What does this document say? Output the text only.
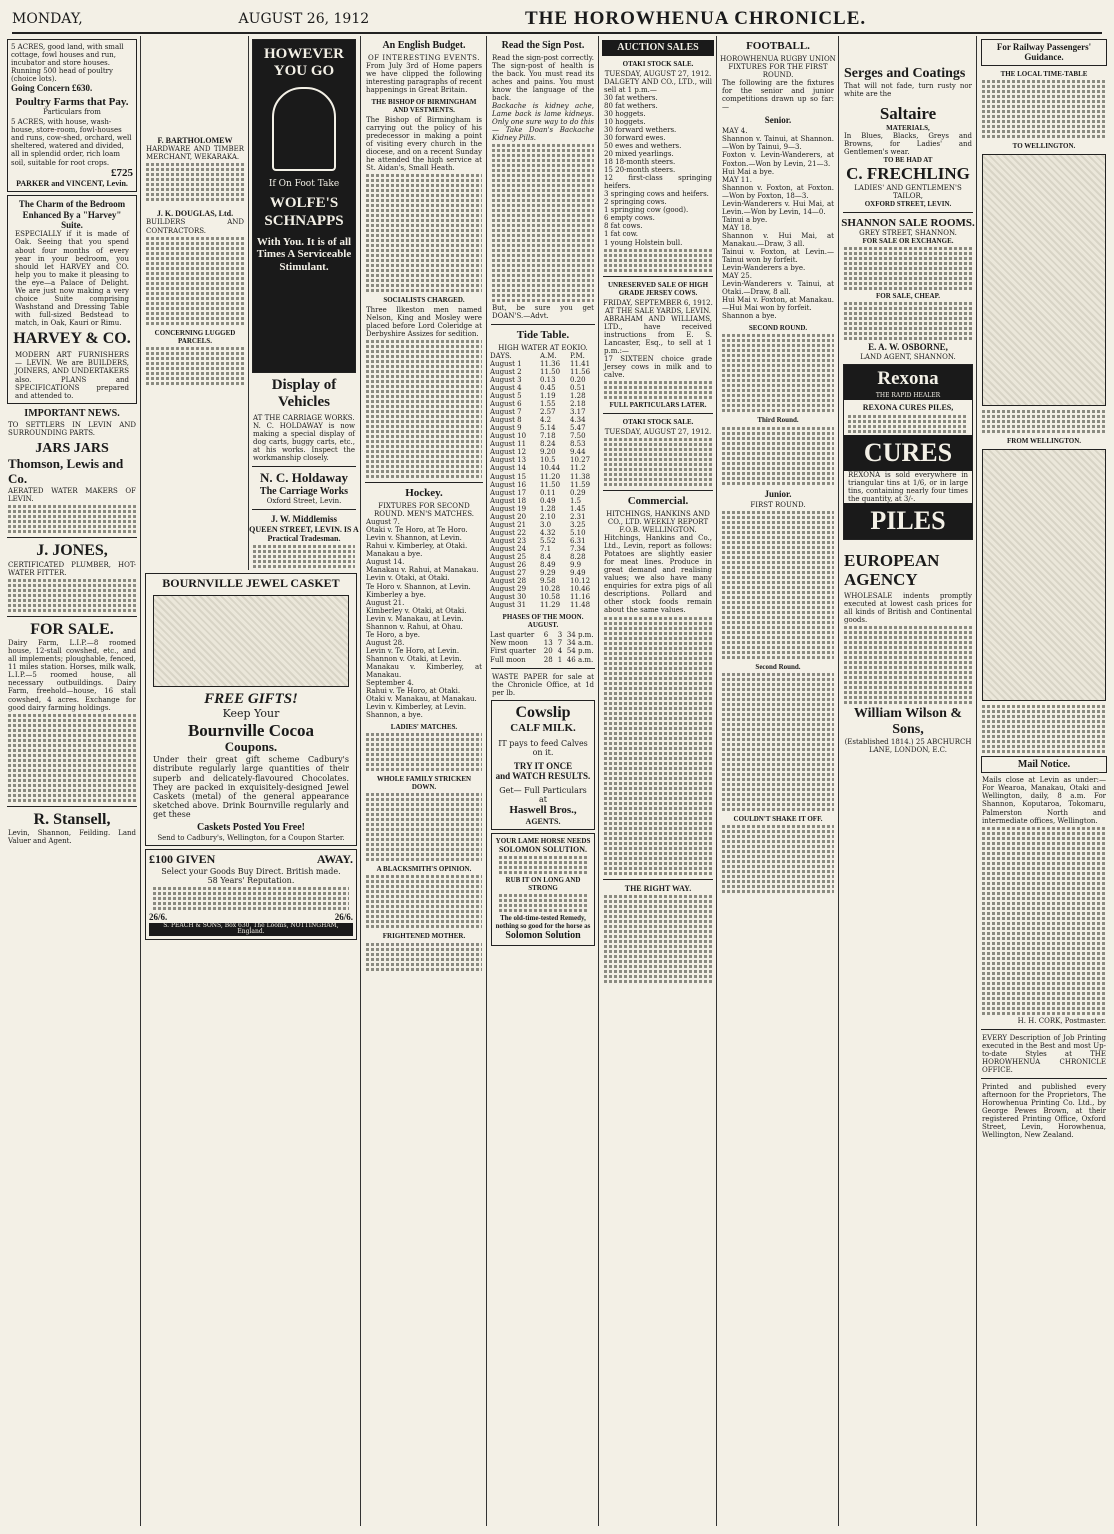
MONDAY,	AUGUST 26, 1912	THE HOROWHENUA CHRONICLE.
5 ACRES, good land, with small cottage, fowl houses and run, incubator and store houses. Running 500 head of poultry (choice lots).
Going Concern £630.
Poultry Farms that Pay.
Particulars from
5 ACRES, with house, wash-house, store-room, fowl-houses and runs, cow-shed, orchard, well sheltered, watered and divided, all in splendid order, rich loam soil, suitable for root crops.
£725
PARKER and VINCENT, Levin.
The Charm of the Bedroom Enhanced By a "Harvey" Suite.
ESPECIALLY if it is made of Oak. Seeing that you spend about four months of every year in your bedroom, you should let HARVEY and CO. help you to make it pleasing to the eye—a Palace of Delight. We are just now making a very choice Suite comprising Washstand and Dressing Table with full-sized Bedstead to match, in Oak, Kauri or Rimu.
HARVEY & CO.
MODERN ART FURNISHERS — LEVIN. We are BUILDERS, JOINERS, AND UNDERTAKERS also. PLANS and SPECIFICATIONS prepared and attended to.
IMPORTANT NEWS.
TO SETTLERS IN LEVIN AND SURROUNDING PARTS.
JARS JARS
Thomson, Lewis and Co.
AERATED WATER MAKERS OF LEVIN.
J. JONES,
CERTIFICATED PLUMBER, HOT-WATER FITTER.
FOR SALE.
Dairy Farm, L.I.P.—8 roomed house, 12-stall cowshed, etc., and all implements; ploughable, fenced, 11 miles station. Horses, milk walk, L.I.P.—5 roomed house, all necessary outbuildings. Dairy Farm, freehold—house, 16 stall cowshed, 4 acres. Exchange for good dairy farming holdings.
R. Stansell,
Levin, Shannon, Feilding. Land Valuer and Agent.
F. BARTHOLOMEW
HARDWARE AND TIMBER MERCHANT, WEKARAKA.
J. K. DOUGLAS, Ltd.
BUILDERS AND CONTRACTORS.
CONCERNING LUGGED PARCELS.
HOWEVER YOU GO
If On Foot Take
WOLFE'S SCHNAPPS
With You. It is of all Times A Serviceable Stimulant.
Display of Vehicles
AT THE CARRIAGE WORKS.
N. C. HOLDAWAY is now making a special display of dog carts, buggy carts, etc., at his works. Inspect the workmanship closely.
N. C. Holdaway
The Carriage Works
Oxford Street, Levin.
J. W. Middlemiss
QUEEN STREET, LEVIN. IS A Practical Tradesman.
BOURNVILLE JEWEL CASKET
FREE GIFTS!
Keep Your
Bournville Cocoa
Coupons.
Under their great gift scheme Cadbury's distribute regularly large quantities of their superb and delicately-flavoured Chocolates. They are packed in exquisitely-designed Jewel Caskets (metal) of the general appearance sketched above. Drink Bournville regularly and get these
Caskets Posted You Free!
Send to Cadbury's, Wellington, for a Coupon Starter.
£100 GIVEN	AWAY.
Select your Goods Buy Direct. British made.
58 Years' Reputation.
26/6.	26/6.
S. PEACH & SONS, Box 630, The Looms, NOTTINGHAM, England.
An English Budget.
OF INTERESTING EVENTS.
From July 3rd of Home papers we have clipped the following interesting paragraphs of recent happenings in Great Britain.
THE BISHOP OF BIRMINGHAM AND VESTMENTS.
The Bishop of Birmingham is carrying out the policy of his predecessor in making a point of visiting every church in the diocese, and on a recent Sunday he attended the high service at St. Aidan's, Small Heath.
SOCIALISTS CHARGED.
Three Ilkeston men named Nelson, King and Mosley were placed before Lord Coleridge at Derbyshire Assizes for sedition.
Hockey.
FIXTURES FOR SECOND ROUND. MEN'S MATCHES.
August 7.
Otaki v. Te Horo, at Te Horo.
Levin v. Shannon, at Levin.
Rahui v. Kimberley, at Otaki.
Manakau a bye.
August 14.
Manakau v. Rahui, at Manakau.
Levin v. Otaki, at Otaki.
Te Horo v. Shannon, at Levin.
Kimberley a bye.
August 21.
Kimberley v. Otaki, at Otaki.
Levin v. Manakau, at Levin.
Shannon v. Rahui, at Ohau.
Te Horo, a bye.
August 28.
Levin v. Te Horo, at Levin.
Shannon v. Otaki, at Levin.
Manakau v. Kimberley, at Manakau.
September 4.
Rahui v. Te Horo, at Otaki.
Otaki v. Manakau, at Manakau.
Levin v. Kimberley, at Levin.
Shannon, a bye.
LADIES' MATCHES.
WHOLE FAMILY STRICKEN DOWN.
A BLACKSMITH'S OPINION.
FRIGHTENED MOTHER.
Read the Sign Post.
Read the sign-post correctly. The sign-post of health is the back. You must read its aches and pains. You must know the language of the back.
Backache is kidney ache, Lame back is lame kidneys. Only one sure way to do this — Take Doan's Backache Kidney Pills.
But, be sure you get DOAN'S.—Advt.
Tide Table.
HIGH WATER AT EOKIO.
DAYS.	A.M.	P.M.
August 1	11.36	11.41
August 2	11.50	11.56
August 3	0.13	0.20
August 4	0.45	0.51
August 5	1.19	1.28
August 6	1.55	2.18
August 7	2.57	3.17
August 8	4.2	4.34
August 9	5.14	5.47
August 10	7.18	7.50
August 11	8.24	8.53
August 12	9.20	9.44
August 13	10.5	10.27
August 14	10.44	11.2
August 15	11.20	11.38
August 16	11.50	11.59
August 17	0.11	0.29
August 18	0.49	1.5
August 19	1.28	1.45
August 20	2.10	2.31
August 21	3.0	3.25
August 22	4.32	5.10
August 23	5.52	6.31
August 24	7.1	7.34
August 25	8.4	8.28
August 26	8.49	9.9
August 27	9.29	9.49
August 28	9.58	10.12
August 29	10.28	10.46
August 30	10.58	11.16
August 31	11.29	11.48
PHASES OF THE MOON. AUGUST.
Last quarter	6	3	34 p.m.
New moon	13	7	34 a.m.
First quarter	20	4	54 p.m.
Full moon	28	1	46 a.m.
WASTE PAPER for sale at the Chronicle Office, at 1d per lb.
Cowslip
CALF MILK.
IT pays to feed Calves on it.
TRY IT ONCE
and WATCH RESULTS.
Get— Full Particulars at
Haswell Bros.,
AGENTS.
YOUR LAME HORSE NEEDS
SOLOMON SOLUTION.
RUB IT ON LONG AND STRONG
The old-time-tested Remedy, nothing so good for the horse as
Solomon Solution
AUCTION SALES
OTAKI STOCK SALE.
TUESDAY, AUGUST 27, 1912.
DALGETY AND CO., LTD., will sell at 1 p.m.—
30 fat wethers.
80 fat wethers.
30 hoggets.
10 hoggets.
30 forward wethers.
30 forward ewes.
50 ewes and wethers.
20 mixed yearlings.
18 18-month steers.
15 20-month steers.
12 first-class springing heifers.
3 springing cows and heifers.
2 springing cows.
1 springing cow (good).
6 empty cows.
8 fat cows.
1 fat cow.
1 young Holstein bull.
UNRESERVED SALE OF HIGH GRADE JERSEY COWS.
FRIDAY, SEPTEMBER 6, 1912.
AT THE SALE YARDS, LEVIN.
ABRAHAM AND WILLIAMS, LTD., have received instructions from E. S. Lancaster, Esq., to sell at 1 p.m.:—
17 SIXTEEN choice grade Jersey cows in milk and to calve.
FULL PARTICULARS LATER.
OTAKI STOCK SALE.
TUESDAY, AUGUST 27, 1912.
Commercial.
HITCHINGS, HANKINS AND CO., LTD. WEEKLY REPORT F.O.B. WELLINGTON.
Hitchings, Hankins and Co., Ltd., Levin, report as follows: Potatoes are slightly easier for meat lines. Produce in great demand and realising values; we also have many enquiries for extra pigs of all descriptions. Pollard and other stock foods remain about the same values.
THE RIGHT WAY.
FOOTBALL.
HOROWHENUA RUGBY UNION
FIXTURES FOR THE FIRST ROUND.
The following are the fixtures for the senior and junior competitions drawn up so far:—
Senior.
MAY 4.
Shannon v. Tainui, at Shannon.—Won by Tainui, 9—3.
Foxton v. Levin-Wanderers, at Foxton.—Won by Levin, 21—3.
Hui Mai a bye.
MAY 11.
Shannon v. Foxton, at Foxton.—Won by Foxton, 18—3.
Levin-Wanderers v. Hui Mai, at Levin.—Won by Levin, 14—0.
Tainui a bye.
MAY 18.
Shannon v. Hui Mai, at Manakau.—Draw, 3 all.
Tainui v. Foxton, at Levin.—Tainui won by forfeit.
Levin-Wanderers a bye.
MAY 25.
Levin-Wanderers v. Tainui, at Otaki.—Draw, 8 all.
Hui Mai v. Foxton, at Manakau.—Hui Mai won by forfeit.
Shannon a bye.
SECOND ROUND.
Third Round.
Junior.
FIRST ROUND.
Second Round.
COULDN'T SHAKE IT OFF.
Serges and Coatings
That will not fade, turn rusty nor white are the
Saltaire
MATERIALS,
In Blues, Blacks, Greys and Browns, for Ladies' and Gentlemen's wear.
TO BE HAD AT
C. FRECHLING
LADIES' AND GENTLEMEN'S TAILOR,
OXFORD STREET, LEVIN.
SHANNON SALE ROOMS.
GREY STREET, SHANNON.
FOR SALE OR EXCHANGE.
FOR SALE, CHEAP.
E. A. W. OSBORNE,
LAND AGENT, SHANNON.
Rexona
THE RAPID HEALER
REXONA CURES PILES,
CURES
REXONA is sold everywhere in triangular tins at 1/6, or in large tins, containing nearly four times the quantity, at 3/-.
PILES
EUROPEAN AGENCY
WHOLESALE indents promptly executed at lowest cash prices for all kinds of British and Continental goods.
William Wilson & Sons,
(Established 1814.) 25 ABCHURCH LANE, LONDON, E.C.
For Railway Passengers' Guidance.
THE LOCAL TIME-TABLE
TO WELLINGTON.
FROM WELLINGTON.
Mail Notice.
Mails close at Levin as under:— For Wearoa, Manakau, Otaki and Wellington, daily, 8 a.m. For Shannon, Koputaroa, Tokomaru, Palmerston North and intermediate offices, Wellington.
H. H. CORK, Postmaster.
EVERY Description of Job Printing executed in the Best and most Up-to-date Styles at THE HOROWHENUA CHRONICLE OFFICE.
Printed and published every afternoon for the Proprietors, The Horowhenua Printing Co. Ltd., by George Pewes Brown, at their registered Printing Office, Oxford Street, Levin, Horowhenua, Wellington, New Zealand.
